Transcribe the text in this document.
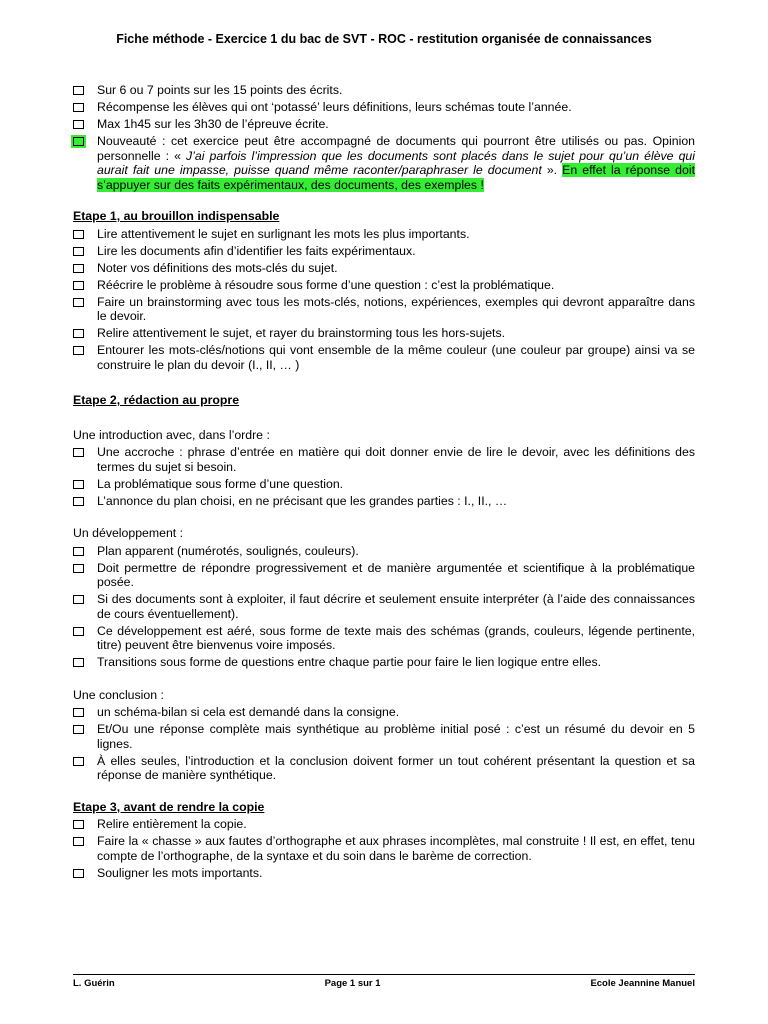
Fiche méthode - Exercice 1 du bac de SVT - ROC - restitution organisée de connaissances
Sur 6 ou 7 points sur les 15 points des écrits.
Récompense les élèves qui ont ‘potassé’ leurs définitions, leurs schémas toute l’année.
Max 1h45 sur les 3h30 de l’épreuve écrite.
Nouveauté : cet exercice peut être accompagné de documents qui pourront être utilisés ou pas. Opinion personnelle : « J’ai parfois l’impression que les documents sont placés dans le sujet pour qu’un élève qui aurait fait une impasse, puisse quand même raconter/paraphraser le document ». En effet la réponse doit s’appuyer sur des faits expérimentaux, des documents, des exemples !
Etape 1, au brouillon indispensable
Lire attentivement le sujet en surlignant les mots les plus importants.
Lire les documents afin d’identifier les faits expérimentaux.
Noter vos définitions des mots-clés du sujet.
Réécrire le problème à résoudre sous forme d’une question : c’est la problématique.
Faire un brainstorming avec tous les mots-clés, notions, expériences, exemples qui devront apparaître dans le devoir.
Relire attentivement le sujet, et rayer du brainstorming tous les hors-sujets.
Entourer les mots-clés/notions qui vont ensemble de la même couleur (une couleur par groupe) ainsi va se construire le plan du devoir (I., II, … )
Etape 2, rédaction au propre
Une introduction avec, dans l’ordre :
Une accroche : phrase d’entrée en matière qui doit donner envie de lire le devoir, avec les définitions des termes du sujet si besoin.
La problématique sous forme d’une question.
L’annonce du plan choisi, en ne précisant que les grandes parties : I., II., …
Un développement :
Plan apparent (numérotés, soulignés, couleurs).
Doit permettre de répondre progressivement et de manière argumentée et scientifique à la problématique posée.
Si des documents sont à exploiter, il faut décrire et seulement ensuite interpréter (à l’aide des connaissances de cours éventuellement).
Ce développement est aéré, sous forme de texte mais des schémas (grands, couleurs, légende pertinente, titre) peuvent être bienvenus voire imposés.
Transitions sous forme de questions entre chaque partie pour faire le lien logique entre elles.
Une conclusion :
un schéma-bilan si cela est demandé dans la consigne.
Et/Ou une réponse complète mais synthétique au problème initial posé : c’est un résumé du devoir en 5 lignes.
À elles seules, l’introduction et la conclusion doivent former un tout cohérent présentant la question et sa réponse de manière synthétique.
Etape 3, avant de rendre la copie
Relire entièrement la copie.
Faire la « chasse » aux fautes d’orthographe et aux phrases incomplètes, mal construite ! Il est, en effet, tenu compte de l’orthographe, de la syntaxe et du soin dans le barème de correction.
Souligner les mots importants.
L. Guérin	Page 1 sur 1	Ecole Jeannine Manuel
